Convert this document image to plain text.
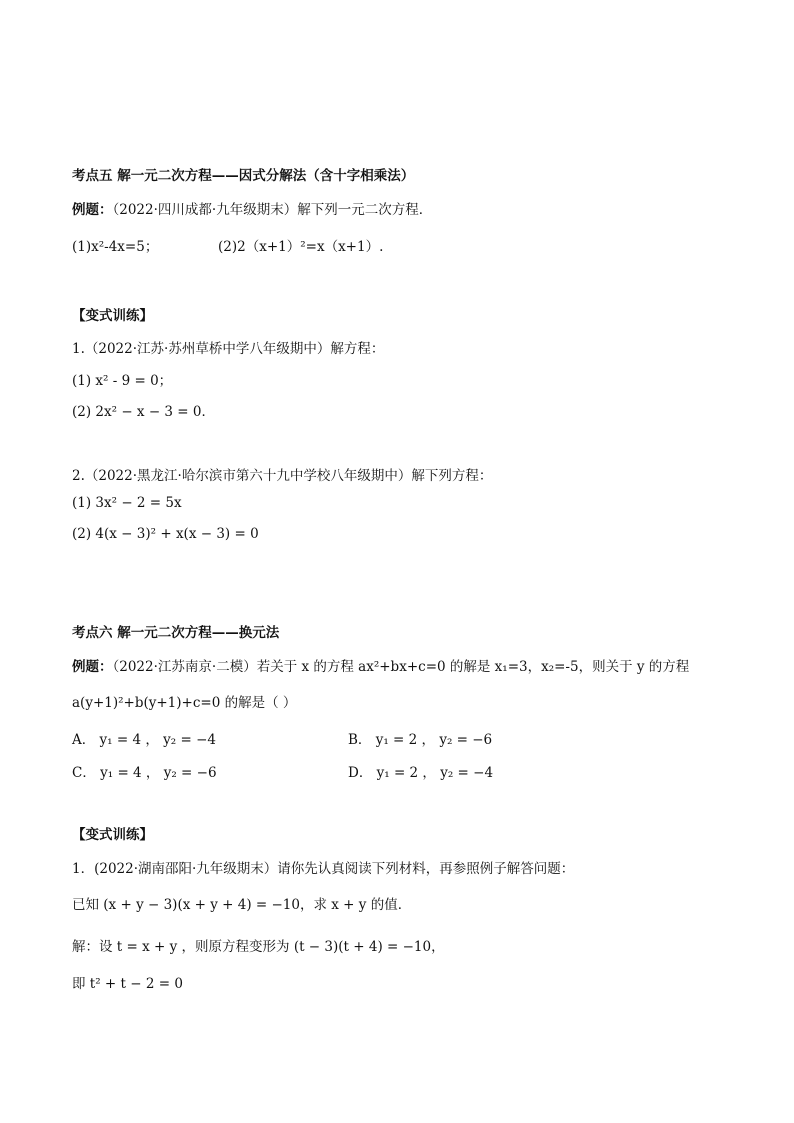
考点五 解一元二次方程——因式分解法（含十字相乘法）
例题：（2022·四川成都·九年级期末）解下列一元二次方程．
(1)x²-4x=5；	(2)2（x+1）²=x（x+1）.
【变式训练】
1.（2022·江苏·苏州草桥中学八年级期中）解方程：
(1) x² - 9 = 0；
(2) 2x² − x − 3 = 0．
2.（2022·黑龙江·哈尔滨市第六十九中学校八年级期中）解下列方程：
(1) 3x² − 2 = 5x
(2) 4(x − 3)² + x(x − 3) = 0
考点六 解一元二次方程——换元法
例题：（2022·江苏南京·二模）若关于 x 的方程 ax²+bx+c=0 的解是 x₁=3，x₂=-5，则关于 y 的方程
a(y+1)²+b(y+1)+c=0 的解是（ ）
A． y₁ = 4 ， y₂ = −4	B． y₁ = 2 ， y₂ = −6
C． y₁ = 4 ， y₂ = −6	D． y₁ = 2 ， y₂ = −4
【变式训练】
1．(2022·湖南邵阳·九年级期末）请你先认真阅读下列材料，再参照例子解答问题：
已知 (x + y − 3)(x + y + 4) = −10，求 x + y 的值．
解：设 t = x + y ，则原方程变形为 (t − 3)(t + 4) = −10，
即 t² + t − 2 = 0
